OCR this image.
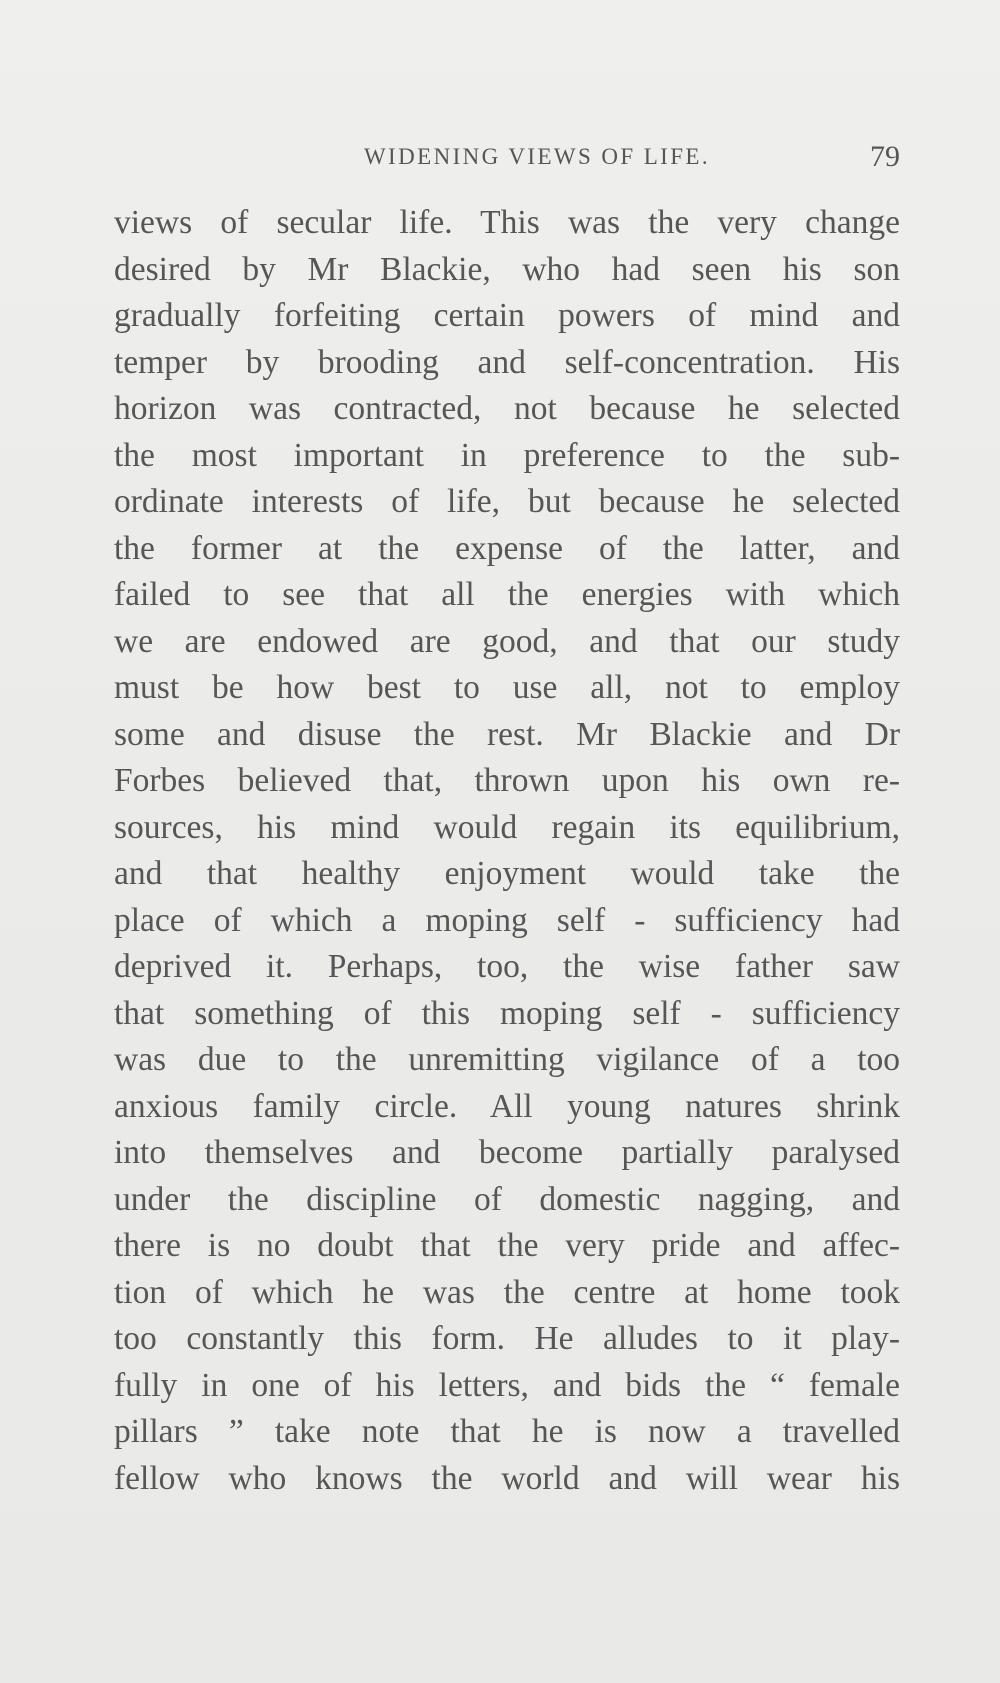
WIDENING VIEWS OF LIFE.	79
views of secular life. This was the very change
desired by Mr Blackie, who had seen his son
gradually forfeiting certain powers of mind and
temper by brooding and self-concentration. His
horizon was contracted, not because he selected
the most important in preference to the sub-
ordinate interests of life, but because he selected
the former at the expense of the latter, and
failed to see that all the energies with which
we are endowed are good, and that our study
must be how best to use all, not to employ
some and disuse the rest. Mr Blackie and Dr
Forbes believed that, thrown upon his own re-
sources, his mind would regain its equilibrium,
and that healthy enjoyment would take the
place of which a moping self - sufficiency had
deprived it. Perhaps, too, the wise father saw
that something of this moping self - sufficiency
was due to the unremitting vigilance of a too
anxious family circle. All young natures shrink
into themselves and become partially paralysed
under the discipline of domestic nagging, and
there is no doubt that the very pride and affec-
tion of which he was the centre at home took
too constantly this form. He alludes to it play-
fully in one of his letters, and bids the “ female
pillars ” take note that he is now a travelled
fellow who knows the world and will wear his
